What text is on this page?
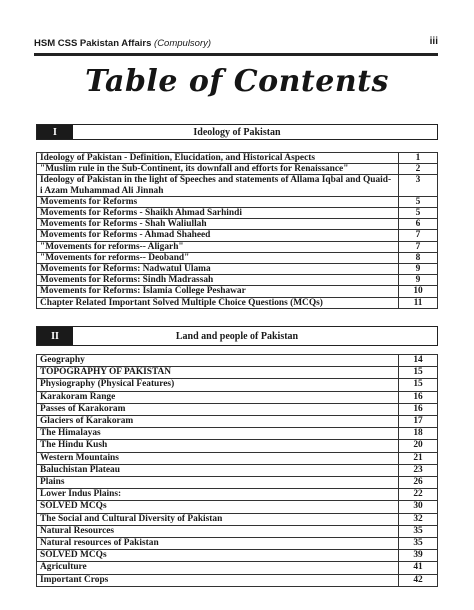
HSM CSS Pakistan Affairs (Compulsory)	iii
Table of Contents
I	Ideology of Pakistan
Ideology of Pakistan - Definition, Elucidation, and Historical Aspects	1
"Muslim rule in the Sub-Continent, its downfall and efforts for Renaissance"	2
Ideology of Pakistan in the light of Speeches and statements of Allama Iqbal and Quaid- i Azam Muhammad Ali Jinnah	3
Movements for Reforms	5
Movements for Reforms - Shaikh Ahmad Sarhindi	5
Movements for Reforms - Shah Waliullah	6
Movements for Reforms - Ahmad Shaheed	7
"Movements for reforms-- Aligarh"	7
"Movements for reforms-- Deoband"	8
Movements for Reforms: Nadwatul Ulama	9
Movements for Reforms: Sindh Madrassah	9
Movements for Reforms: Islamia College Peshawar	10
Chapter Related Important Solved Multiple Choice Questions (MCQs)	11
II	Land and people of Pakistan
Geography	14
TOPOGRAPHY OF PAKISTAN	15
Physiography (Physical Features)	15
Karakoram Range	16
Passes of Karakoram	16
Glaciers of Karakoram	17
The Himalayas	18
The Hindu Kush	20
Western Mountains	21
Baluchistan Plateau	23
Plains	26
Lower Indus Plains:	22
SOLVED MCQs	30
The Social and Cultural Diversity of Pakistan	32
Natural Resources	35
Natural resources of Pakistan	35
SOLVED MCQs	39
Agriculture	41
Important Crops	42
